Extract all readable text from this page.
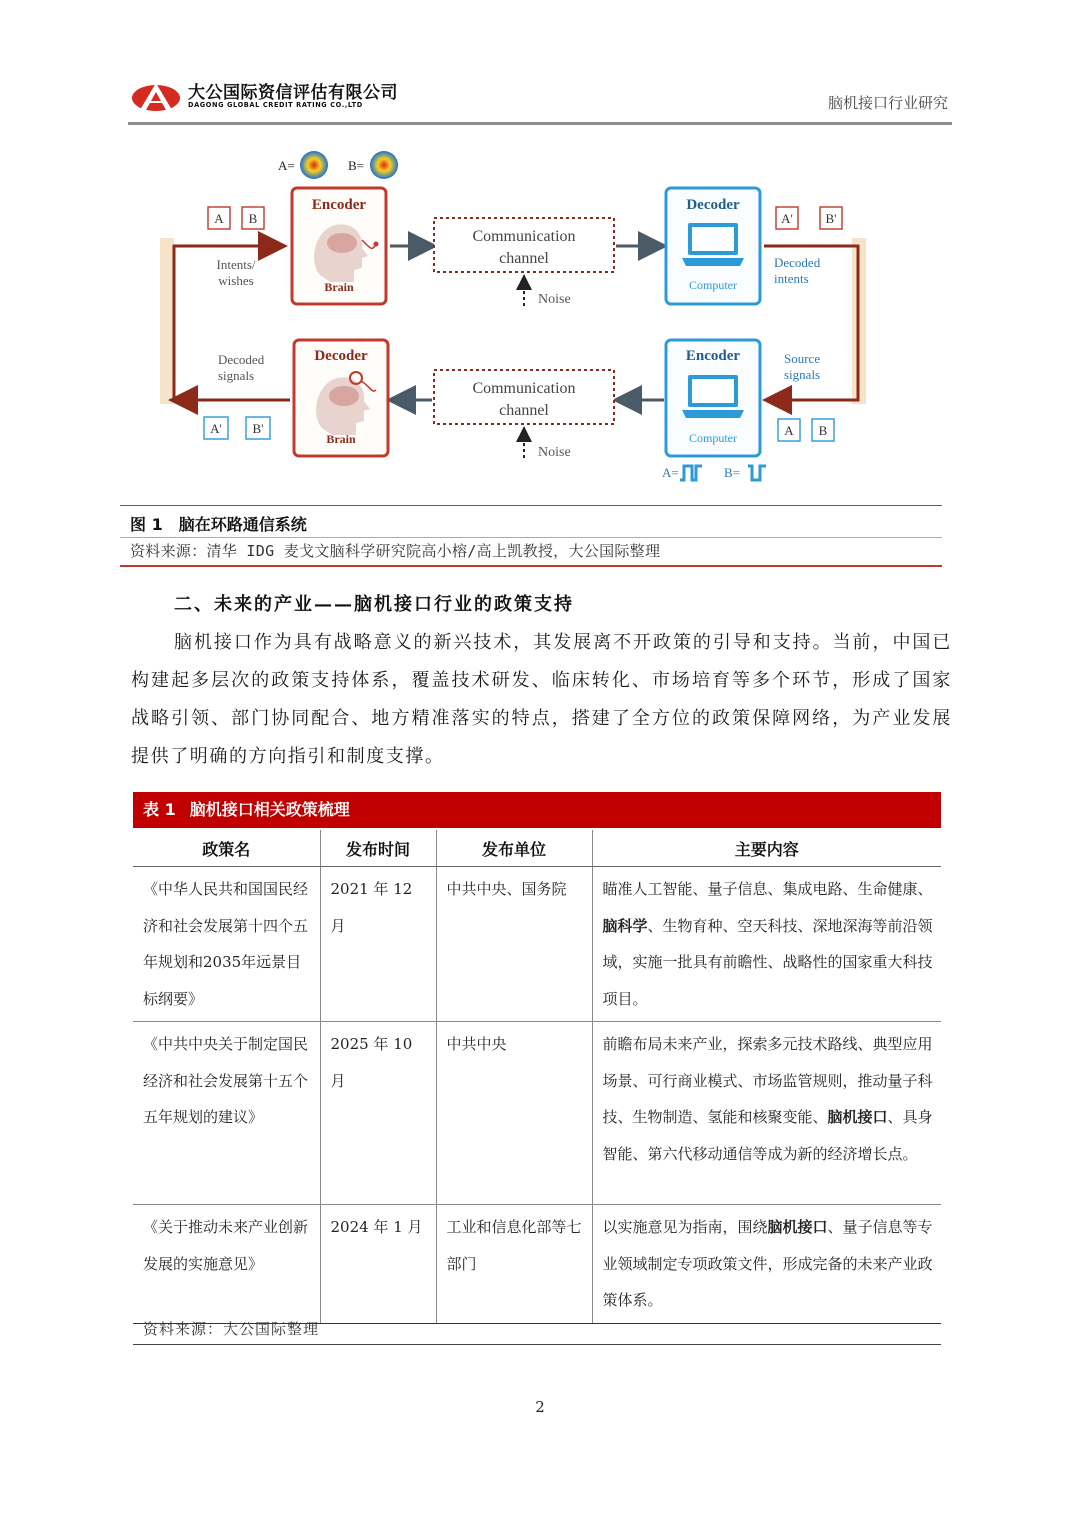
大公国际资信评估有限公司
DAGONG GLOBAL CREDIT RATING CO.,LTD	脑机接口行业研究
A=	B=
A B
Intents/
wishes
Encoder
Brain
Communication
channel
Noise
Decoder
Computer
A'	B'
Decoded
intents
Decoded
signals
A' B'
Decoder
Brain
Communication
channel
Noise
Encoder
Computer
Source
signals
A B
A=	B=
图 1 脑在环路通信系统
资料来源：清华 IDG 麦戈文脑科学研究院高小榕/高上凯教授，大公国际整理
二、未来的产业——脑机接口行业的政策支持

脑机接口作为具有战略意义的新兴技术，其发展离不开政策的引导和支持。当前，中国已构建起多层次的政策支持体系，覆盖技术研发、临床转化、市场培育等多个环节，形成了国家战略引领、部门协同配合、地方精准落实的特点，搭建了全方位的政策保障网络，为产业发展提供了明确的方向指引和制度支撑。

表 1 脑机接口相关政策梳理
政策名	发布时间	发布单位	主要内容
《中华人民共和国国民经济和社会发展第十四个五年规划和2035年远景目标纲要》	2021 年 12 月	中共中央、国务院	瞄准人工智能、量子信息、集成电路、生命健康、脑科学、生物育种、空天科技、深地深海等前沿领域，实施一批具有前瞻性、战略性的国家重大科技项目。
《中共中央关于制定国民经济和社会发展第十五个五年规划的建议》	2025 年 10 月	中共中央	前瞻布局未来产业，探索多元技术路线、典型应用场景、可行商业模式、市场监管规则，推动量子科技、生物制造、氢能和核聚变能、脑机接口、具身智能、第六代移动通信等成为新的经济增长点。
《关于推动未来产业创新发展的实施意见》	2024 年 1 月	工业和信息化部等七部门	以实施意见为指南，围绕脑机接口、量子信息等专业领域制定专项政策文件，形成完备的未来产业政策体系。
资料来源：大公国际整理
2
